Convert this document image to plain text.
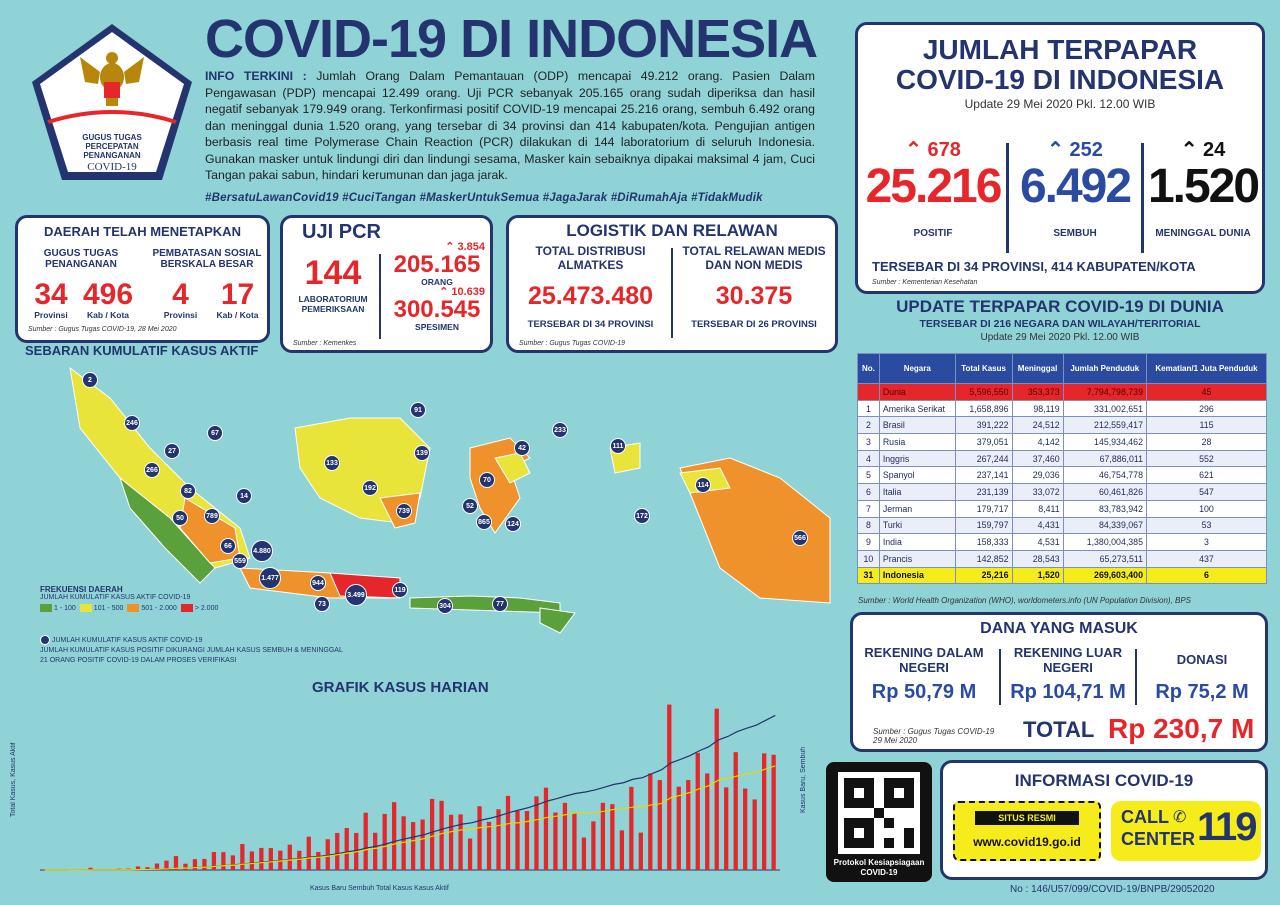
GUGUS TUGAS
PERCEPATAN
PENANGANAN
COVID-19
COVID-19 DI INDONESIA
INFO TERKINI : Jumlah Orang Dalam Pemantauan (ODP) mencapai 49.212 orang. Pasien Dalam Pengawasan (PDP) mencapai 12.499 orang. Uji PCR sebanyak 205.165 orang sudah diperiksa dan hasil negatif sebanyak 179.949 orang. Terkonfirmasi positif COVID-19 mencapai 25.216 orang, sembuh 6.492 orang dan meninggal dunia 1.520 orang, yang tersebar di 34 provinsi dan 414 kabupaten/kota. Pengujian antigen berbasis real time Polymerase Chain Reaction (PCR) dilakukan di 144 laboratorium di seluruh Indonesia. Gunakan masker untuk lindungi diri dan lindungi sesama, Masker kain sebaiknya dipakai maksimal 4 jam, Cuci Tangan pakai sabun, hindari kerumunan dan jaga jarak.
#BersatuLawanCovid19 #CuciTangan #MaskerUntukSemua #JagaJarak #DiRumahAja #TidakMudik
JUMLAH TERPAPAR
COVID-19 DI INDONESIA
Update 29 Mei 2020 Pkl. 12.00 WIB
⌃ 678
25.216
POSITIF
⌃ 252
6.492
SEMBUH
⌃ 24
1.520
MENINGGAL DUNIA
TERSEBAR DI 34 PROVINSI, 414 KABUPATEN/KOTA
Sumber : Kementerian Kesehatan
DAERAH TELAH MENETAPKAN
GUGUS TUGAS PENANGANAN
PEMBATASAN SOSIAL BERSKALA BESAR
34
Provinsi
496
Kab / Kota
4
Provinsi
17
Kab / Kota
Sumber : Gugus Tugas COVID-19, 28 Mei 2020
UJI PCR
144
LABORATORIUM PEMERIKSAAN
⌃ 3.854
205.165
ORANG
⌃ 10.639
300.545
SPESIMEN
Sumber : Kemenkes
LOGISTIK DAN RELAWAN
TOTAL DISTRIBUSI ALMATKES
25.473.480
TERSEBAR DI 34 PROVINSI
TOTAL RELAWAN MEDIS DAN NON MEDIS
30.375
TERSEBAR DI 26 PROVINSI
Sumber : Gugus Tugas COVID-19
SEBARAN KUMULATIF KASUS AKTIF
2
246
266
27
67
82
14
50	789
66
4.880
559
1.477
944
73
3.499
119
304	77
133
91
139
192
739
52
70
42
233
111
114
865	124
172
566
FREKUENSI DAERAH
JUMLAH KUMULATIF KASUS AKTIF COVID-19
1 - 100	101 - 500	501 - 2.000	> 2.000
JUMLAH KUMULATIF KASUS AKTIF COVID-19
JUMLAH KUMULATIF KASUS POSITIF DIKURANGI JUMLAH KASUS SEMBUH & MENINGGAL
21 ORANG POSITIF COVID-19 DALAM PROSES VERIFIKASI
GRAFIK KASUS HARIAN
Total Kasus, Kasus Aktif	Kasus Baru, Sembuh
Kasus Baru Sembuh Total Kasus Kasus Aktif
UPDATE TERPAPAR COVID-19 DI DUNIA
TERSEBAR DI 216 NEGARA DAN WILAYAH/TERITORIAL
Update 29 Mei 2020 Pkl. 12.00 WIB
No.	Negara	Total Kasus	Meninggal	Jumlah Penduduk	Kematian/1 Juta Penduduk
	Dunia	5,596,550	353,373	7,794,798,739	45
1	Amerika Serikat	1,658,896	98,119	331,002,651	296
2	Brasil	391,222	24,512	212,559,417	115
3	Rusia	379,051	4,142	145,934,462	28
4	Inggris	267,244	37,460	67,886,011	552
5	Spanyol	237,141	29,036	46,754,778	621
6	Italia	231,139	33,072	60,461,826	547
7	Jerman	179,717	8,411	83,783,942	100
8	Turki	159,797	4,431	84,339,067	53
9	India	158,333	4,531	1,380,004,385	3
10	Prancis	142,852	28,543	65,273,511	437
31	Indonesia	25,216	1,520	269,603,400	6
Sumber : World Health Organization (WHO), worldometers.info (UN Population Division), BPS
DANA YANG MASUK
REKENING DALAM NEGERI
Rp 50,79 M
REKENING LUAR NEGERI
Rp 104,71 M
DONASI
Rp 75,2 M
Sumber : Gugus Tugas COVID-19 29 Mei 2020	TOTAL Rp 230,7 M
Protokol Kesiapsiagaan COVID-19
INFORMASI COVID-19
SITUS RESMI
www.covid19.go.id
CALL ✆
CENTER 119
No : 146/U57/099/COVID-19/BNPB/29052020
